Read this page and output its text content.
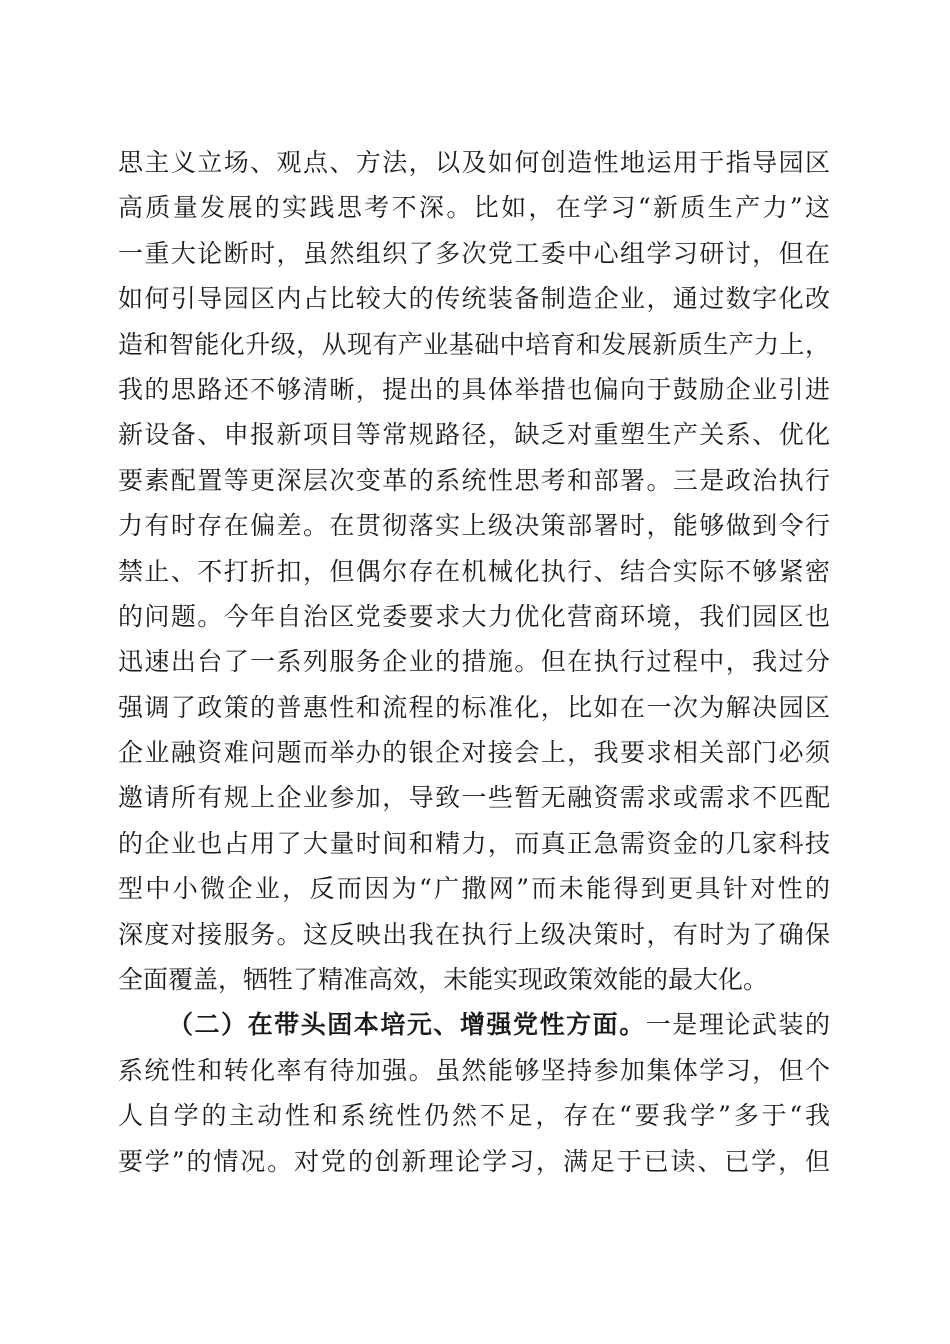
思主义立场、观点、方法，以及如何创造性地运用于指导园区
高质量发展的实践思考不深。比如，在学习“新质生产力”这
一重大论断时，虽然组织了多次党工委中心组学习研讨，但在
如何引导园区内占比较大的传统装备制造企业，通过数字化改
造和智能化升级，从现有产业基础中培育和发展新质生产力上，
我的思路还不够清晰，提出的具体举措也偏向于鼓励企业引进
新设备、申报新项目等常规路径，缺乏对重塑生产关系、优化
要素配置等更深层次变革的系统性思考和部署。三是政治执行
力有时存在偏差。在贯彻落实上级决策部署时，能够做到令行
禁止、不打折扣，但偶尔存在机械化执行、结合实际不够紧密
的问题。今年自治区党委要求大力优化营商环境，我们园区也
迅速出台了一系列服务企业的措施。但在执行过程中，我过分
强调了政策的普惠性和流程的标准化，比如在一次为解决园区
企业融资难问题而举办的银企对接会上，我要求相关部门必须
邀请所有规上企业参加，导致一些暂无融资需求或需求不匹配
的企业也占用了大量时间和精力，而真正急需资金的几家科技
型中小微企业，反而因为“广撒网”而未能得到更具针对性的
深度对接服务。这反映出我在执行上级决策时，有时为了确保
全面覆盖，牺牲了精准高效，未能实现政策效能的最大化。
（二）在带头固本培元、增强党性方面。一是理论武装的
系统性和转化率有待加强。虽然能够坚持参加集体学习，但个
人自学的主动性和系统性仍然不足，存在“要我学”多于“我
要学”的情况。对党的创新理论学习，满足于已读、已学，但
